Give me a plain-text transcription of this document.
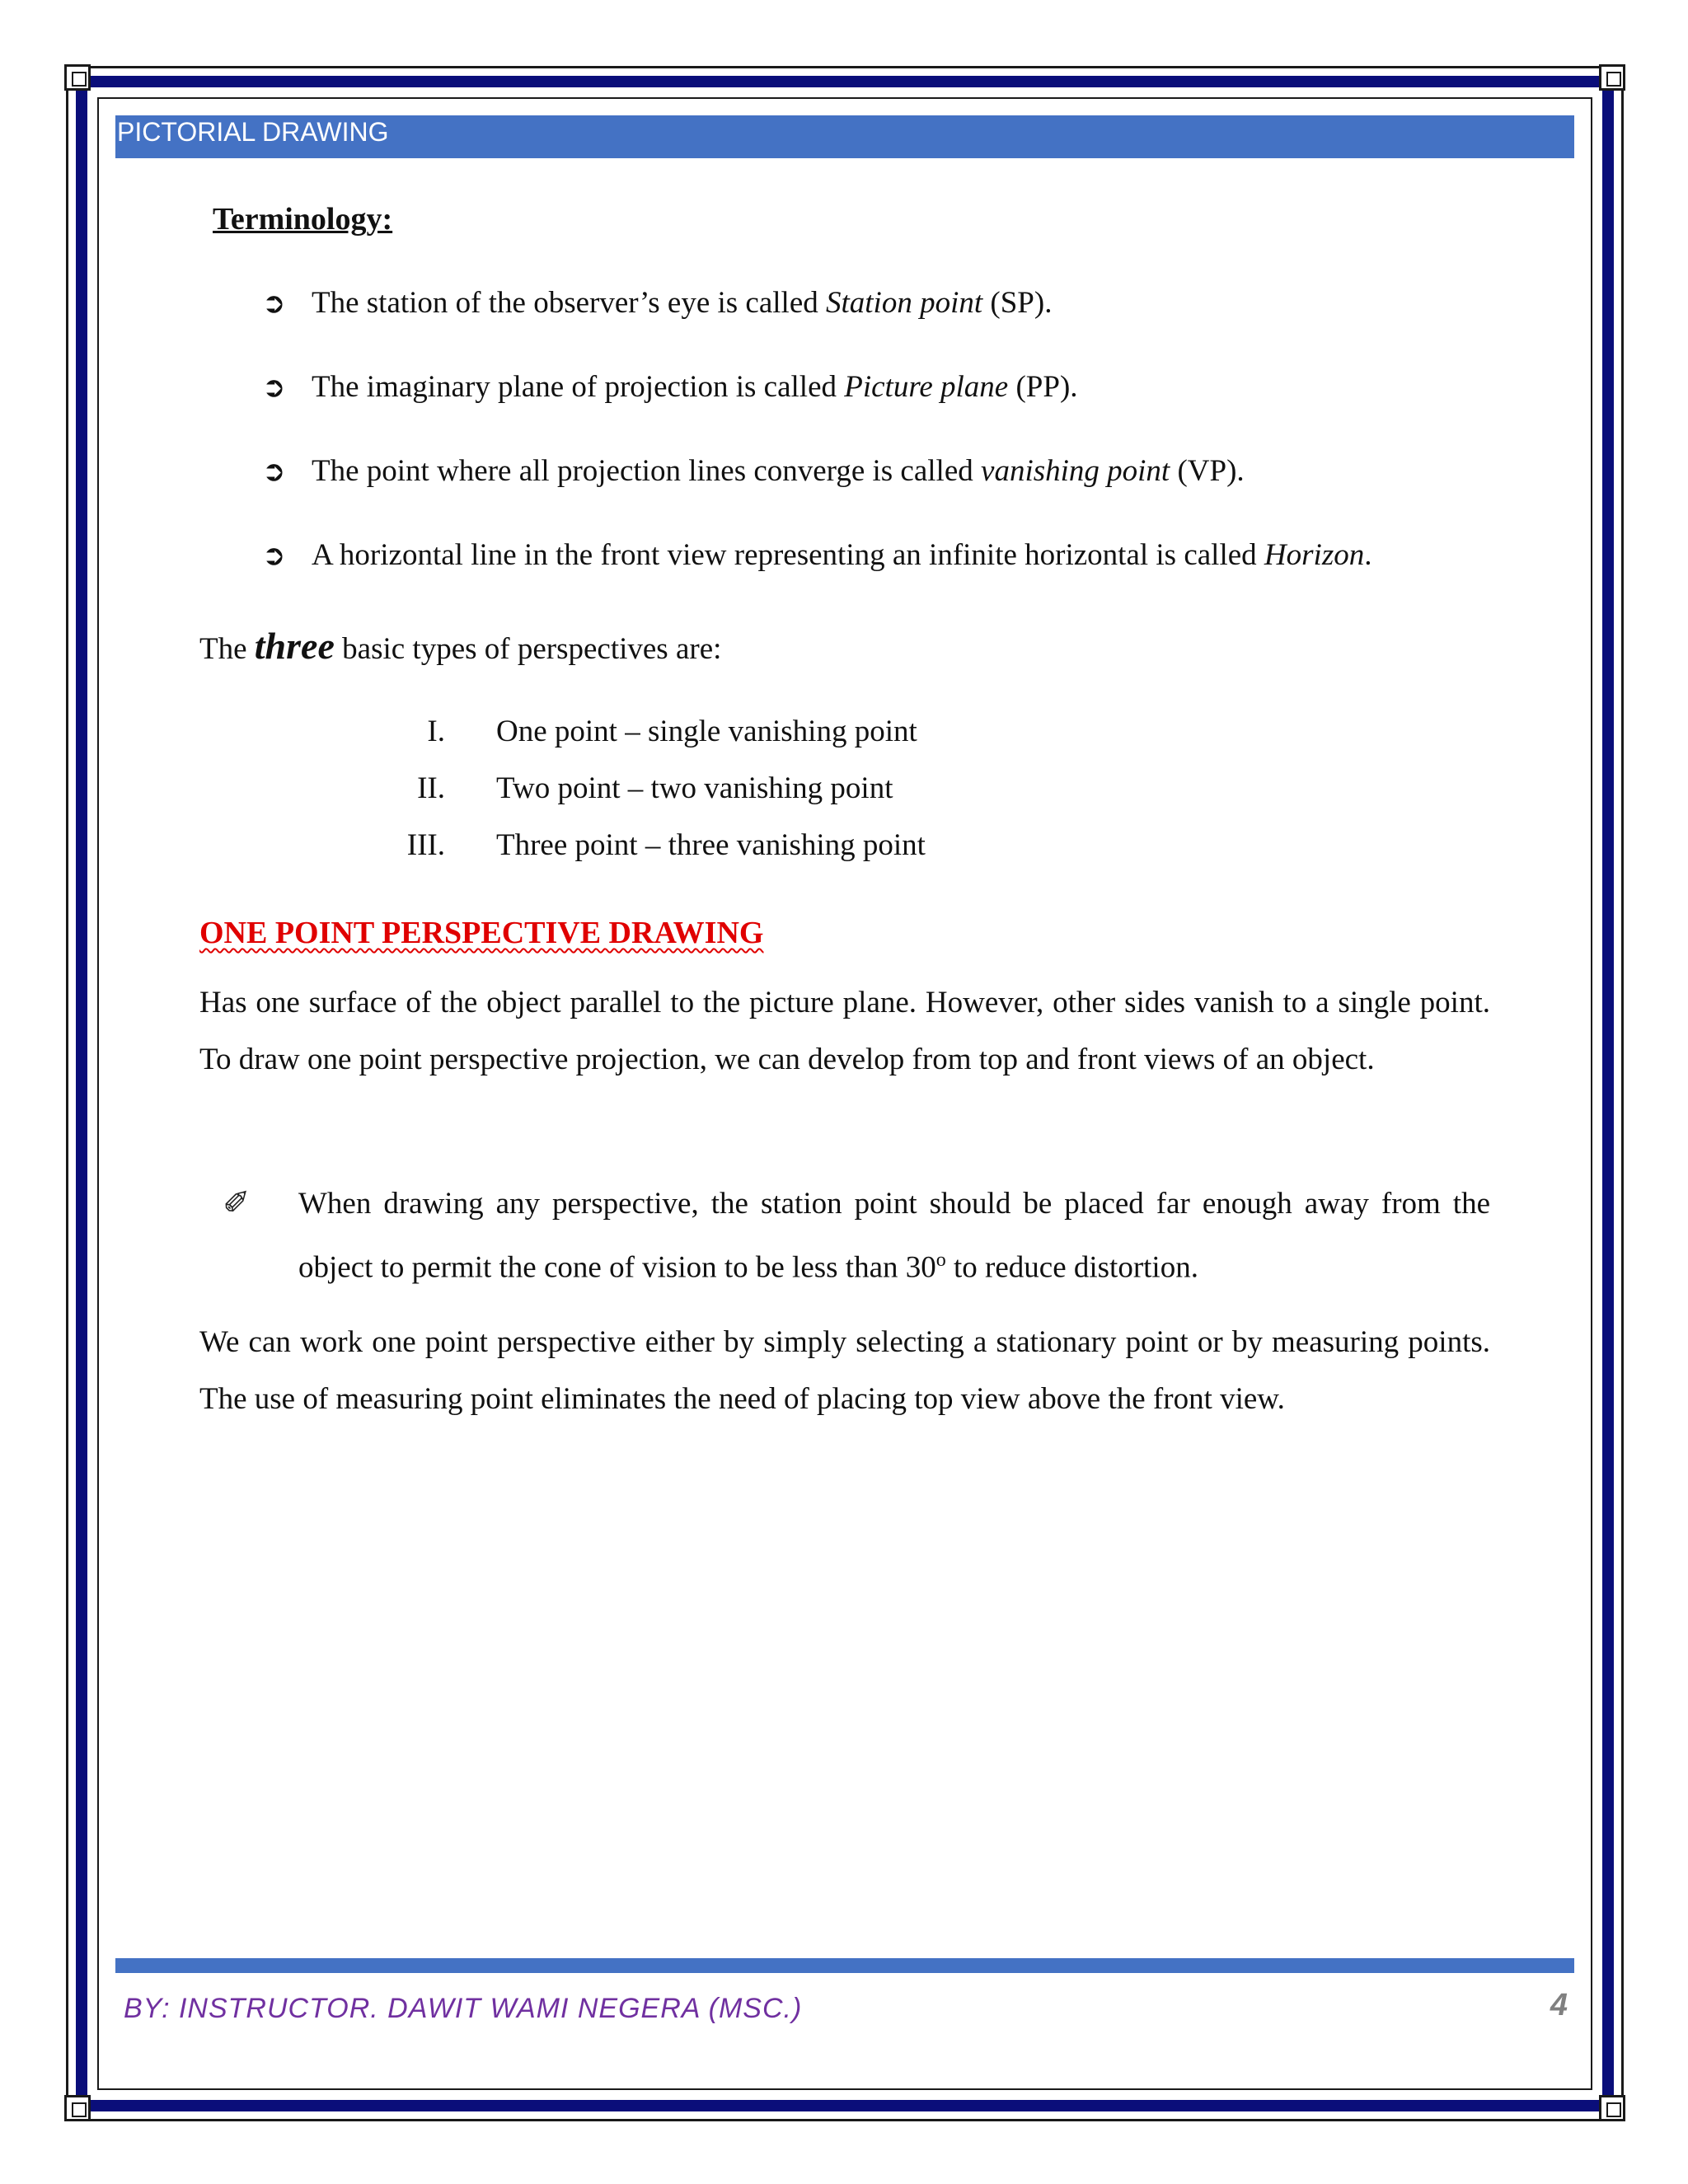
PICTORIAL DRAWING
Terminology:
➲ The station of the observer’s eye is called Station point (SP).
➲ The imaginary plane of projection is called Picture plane (PP).
➲ The point where all projection lines converge is called vanishing point (VP).
➲ A horizontal line in the front view representing an infinite horizontal is called Horizon.
The three basic types of perspectives are:
I. One point – single vanishing point
II. Two point – two vanishing point
III. Three point – three vanishing point
ONE POINT PERSPECTIVE DRAWING
Has one surface of the object parallel to the picture plane. However, other sides vanish to a single point. To draw one point perspective projection, we can develop from top and front views of an object.
✐ When drawing any perspective, the station point should be placed far enough away from the object to permit the cone of vision to be less than 30$^o$ to reduce distortion.
We can work one point perspective either by simply selecting a stationary point or by measuring points. The use of measuring point eliminates the need of placing top view above the front view.
BY: INSTRUCTOR. DAWIT WAMI NEGERA (MSC.)	4
